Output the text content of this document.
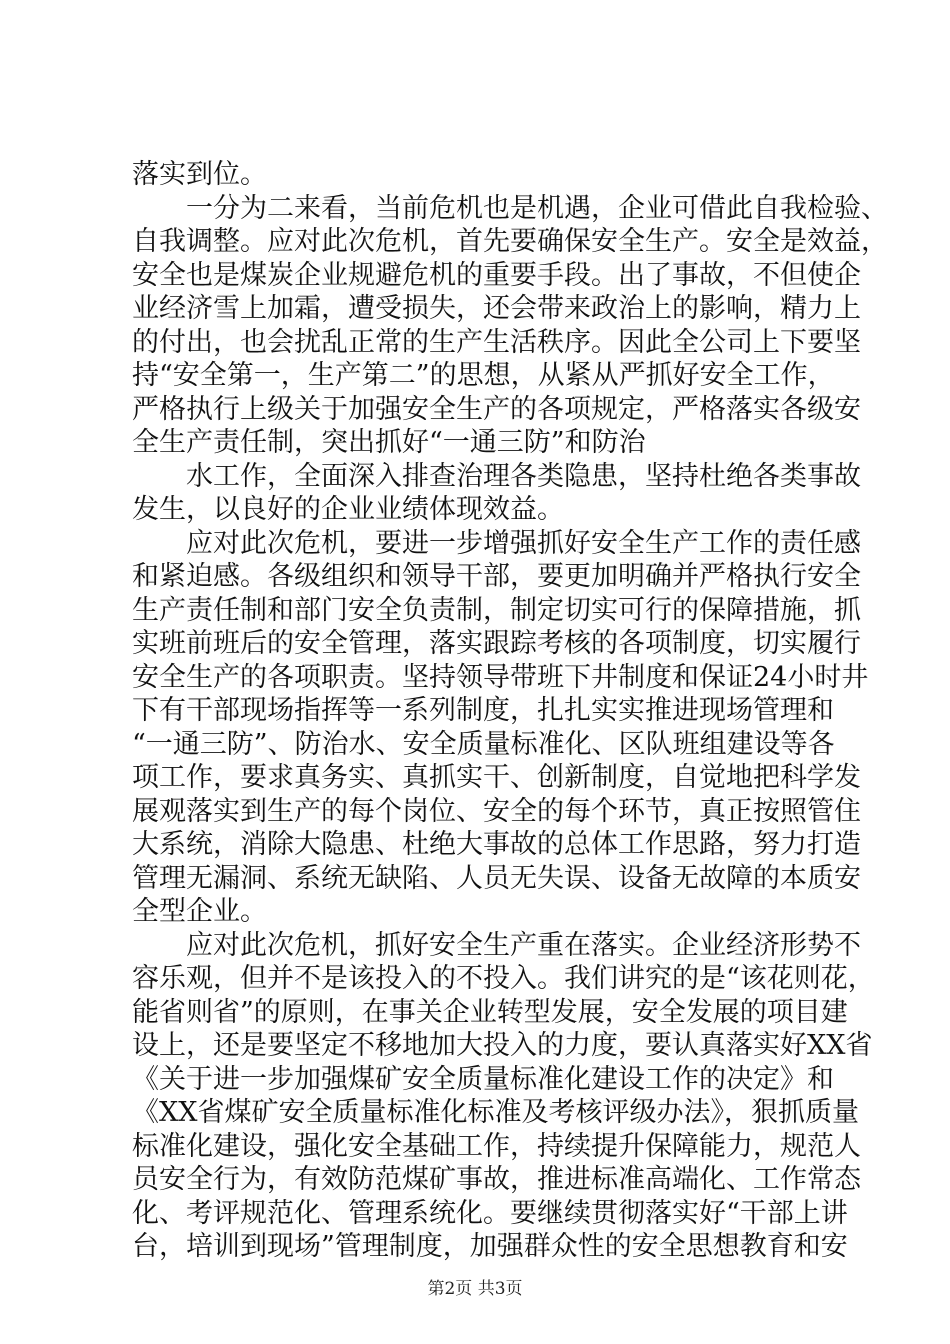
落实到位。
　　一分为二来看，当前危机也是机遇，企业可借此自我检验、
自我调整。应对此次危机，首先要确保安全生产。安全是效益，
安全也是煤炭企业规避危机的重要手段。出了事故，不但使企
业经济雪上加霜，遭受损失，还会带来政治上的影响，精力上
的付出，也会扰乱正常的生产生活秩序。因此全公司上下要坚
持“安全第一，生产第二”的思想，从紧从严抓好安全工作，
严格执行上级关于加强安全生产的各项规定，严格落实各级安
全生产责任制，突出抓好“一通三防”和防治
　　水工作，全面深入排查治理各类隐患，坚持杜绝各类事故
发生，以良好的企业业绩体现效益。
　　应对此次危机，要进一步增强抓好安全生产工作的责任感
和紧迫感。各级组织和领导干部，要更加明确并严格执行安全
生产责任制和部门安全负责制，制定切实可行的保障措施，抓
实班前班后的安全管理，落实跟踪考核的各项制度，切实履行
安全生产的各项职责。坚持领导带班下井制度和保证24小时井
下有干部现场指挥等一系列制度，扎扎实实推进现场管理和
“一通三防”、防治水、安全质量标准化、区队班组建设等各
项工作，要求真务实、真抓实干、创新制度，自觉地把科学发
展观落实到生产的每个岗位、安全的每个环节，真正按照管住
大系统，消除大隐患、杜绝大事故的总体工作思路，努力打造
管理无漏洞、系统无缺陷、人员无失误、设备无故障的本质安
全型企业。
　　应对此次危机，抓好安全生产重在落实。企业经济形势不
容乐观，但并不是该投入的不投入。我们讲究的是“该花则花，
能省则省”的原则，在事关企业转型发展，安全发展的项目建
设上，还是要坚定不移地加大投入的力度，要认真落实好XX省
《关于进一步加强煤矿安全质量标准化建设工作的决定》和
《XX省煤矿安全质量标准化标准及考核评级办法》，狠抓质量
标准化建设，强化安全基础工作，持续提升保障能力，规范人
员安全行为，有效防范煤矿事故，推进标准高端化、工作常态
化、考评规范化、管理系统化。要继续贯彻落实好“干部上讲
台，培训到现场”管理制度，加强群众性的安全思想教育和安
第2页 共3页
